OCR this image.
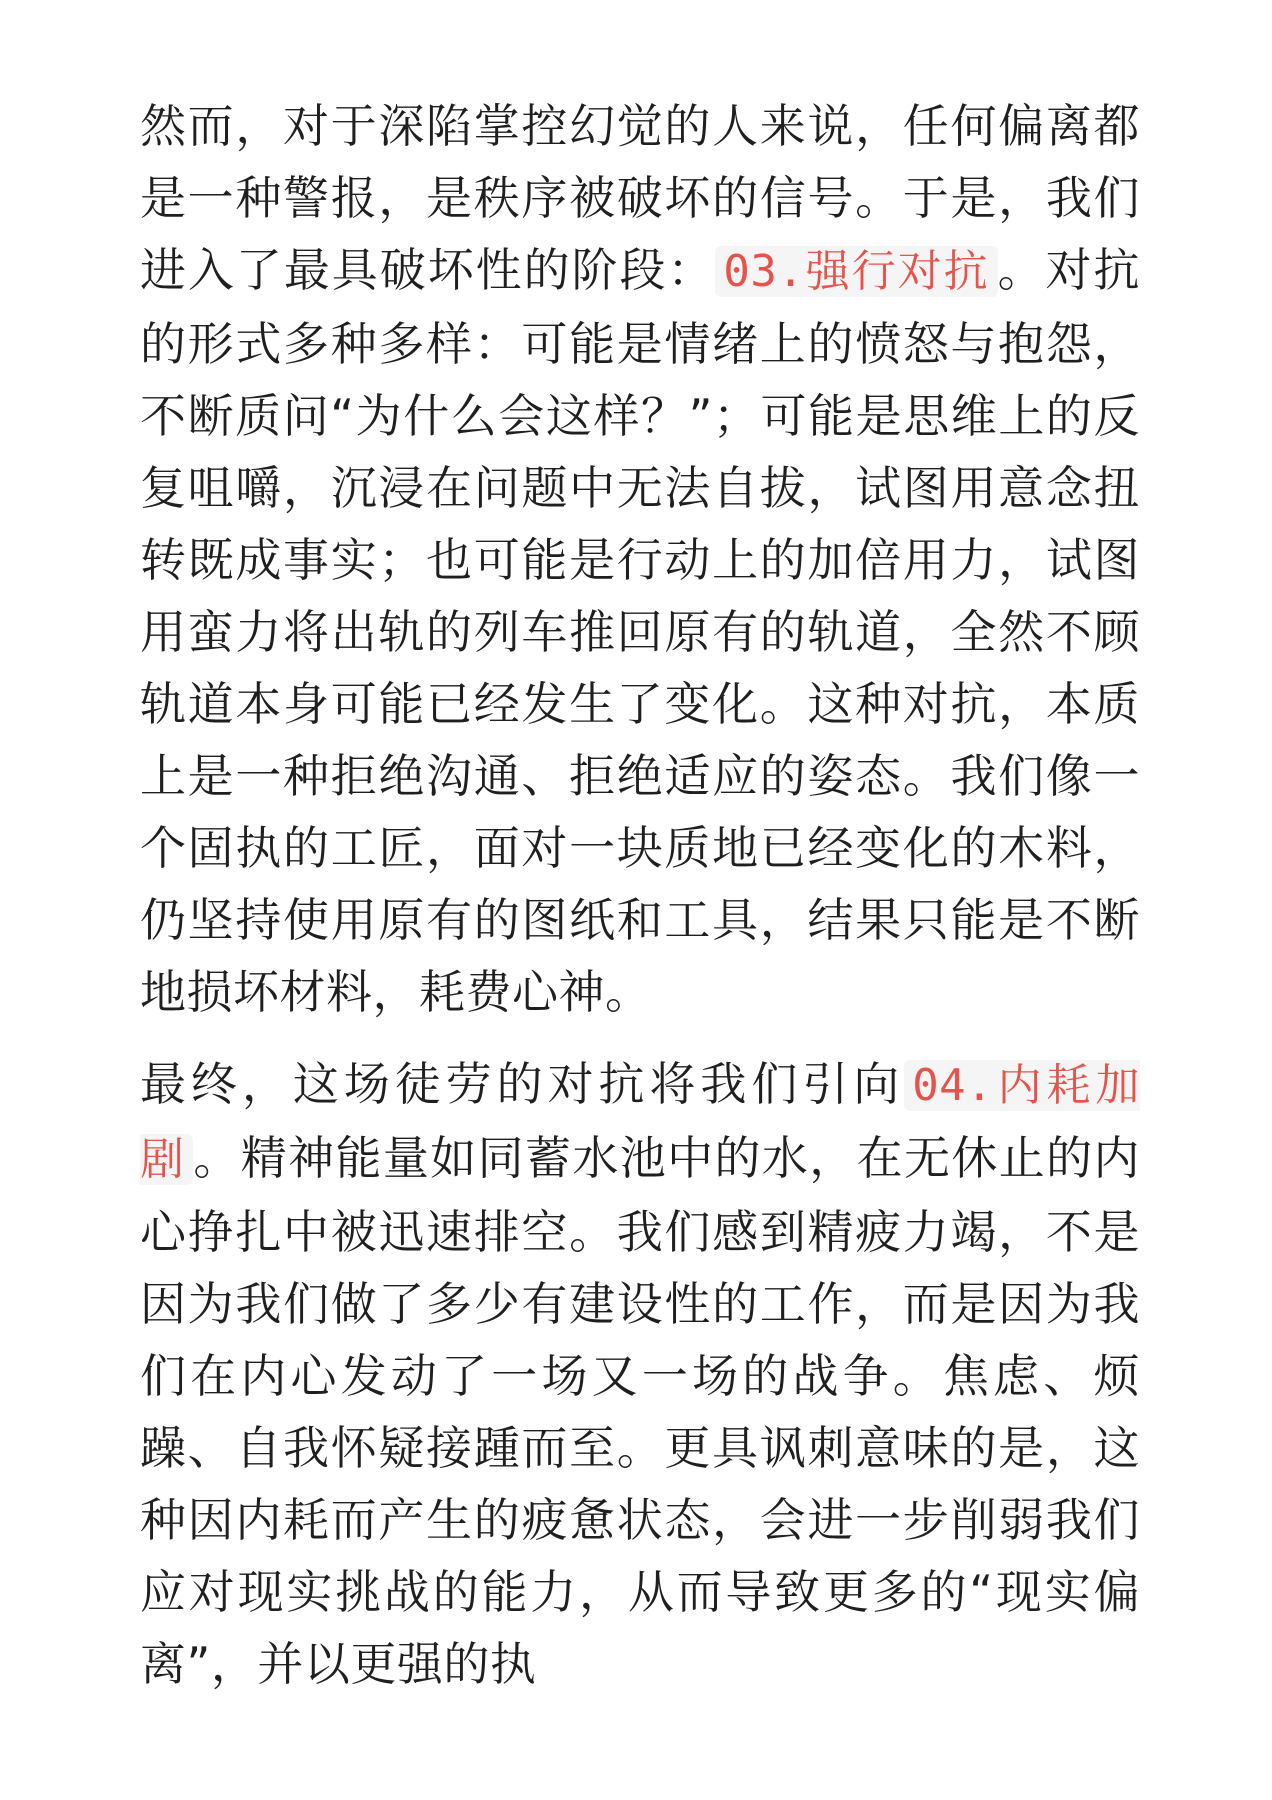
然而，对于深陷掌控幻觉的人来说，任何偏离都是一种警报，是秩序被破坏的信号。于是，我们进入了最具破坏性的阶段： 03.强行对抗 。对抗的形式多种多样：可能是情绪上的愤怒与抱怨，不断质问“为什么会这样？”；可能是思维上的反复咀嚼，沉浸在问题中无法自拔，试图用意念扭转既成事实；也可能是行动上的加倍用力，试图用蛮力将出轨的列车推回原有的轨道，全然不顾轨道本身可能已经发生了变化。这种对抗，本质上是一种拒绝沟通、拒绝适应的姿态。我们像一个固执的工匠，面对一块质地已经变化的木料，仍坚持使用原有的图纸和工具，结果只能是不断地损坏材料，耗费心神。

最终，这场徒劳的对抗将我们引向 04.内耗加剧 。精神能量如同蓄水池中的水，在无休止的内心挣扎中被迅速排空。我们感到精疲力竭，不是因为我们做了多少有建设性的工作，而是因为我们在内心发动了一场又一场的战争。焦虑、烦躁、自我怀疑接踵而至。更具讽刺意味的是，这种因内耗而产生的疲惫状态，会进一步削弱我们应对现实挑战的能力，从而导致更多的“现实偏离”，并以更强的执
